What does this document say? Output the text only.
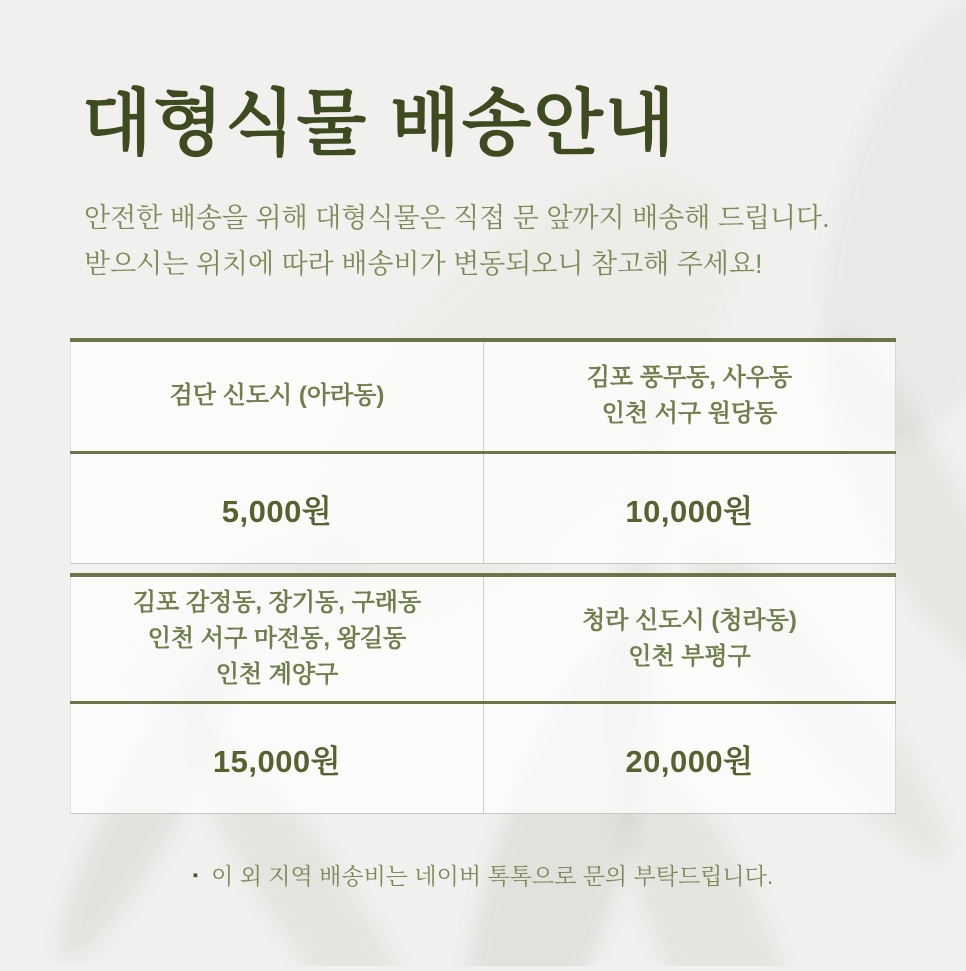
대형식물 배송안내
안전한 배송을 위해 대형식물은 직접 문 앞까지 배송해 드립니다.
받으시는 위치에 따라 배송비가 변동되오니 참고해 주세요!
검단 신도시 (아라동)
김포 풍무동, 사우동
인천 서구 원당동
5,000원	10,000원
김포 감정동, 장기동, 구래동
인천 서구 마전동, 왕길동
인천 계양구
청라 신도시 (청라동)
인천 부평구
15,000원	20,000원
▪ 이 외 지역 배송비는 네이버 톡톡으로 문의 부탁드립니다.
